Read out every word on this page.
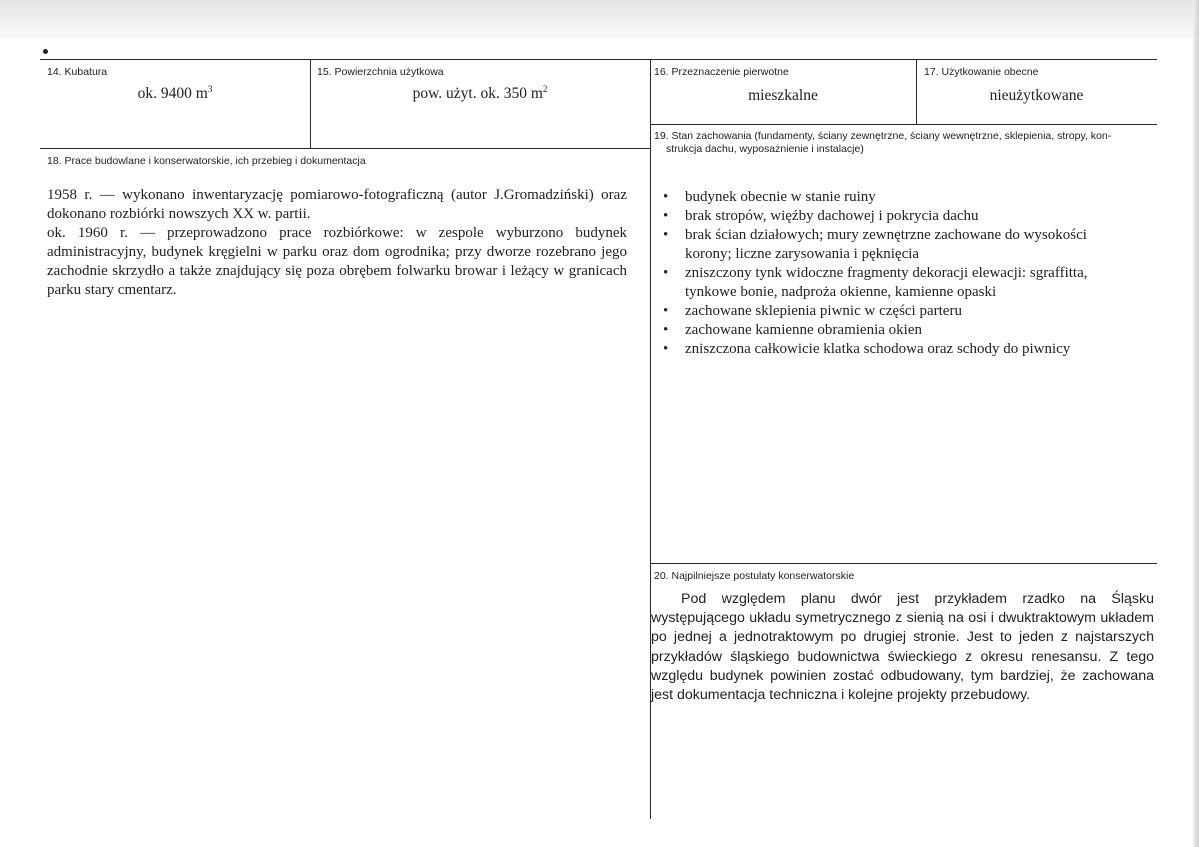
14. Kubatura
ok. 9400 $m^3$
15. Powierzchnia użytkowa
pow. użyt. ok. 350 $m^2$
16. Przeznaczenie pierwotne
mieszkalne
17. Użytkowanie obecne
nieużytkowane
18. Prace budowlane i konserwatorskie, ich przebieg i dokumentacja

1958 r. — wykonano inwentaryzację pomiarowo-fotograficzną (autor J.Gromadziński) oraz dokonano rozbiórki nowszych XX w. partii.

ok. 1960 r. — przeprowadzono prace rozbiórkowe: w zespole wyburzono budynek administracyjny, budynek kręgielni w parku oraz dom ogrodnika; przy dworze rozebrano jego zachodnie skrzydło a także znajdujący się poza obrębem folwarku browar i leżący w granicach parku stary cmentarz.

19. Stan zachowania (fundamenty, ściany zewnętrzne, ściany wewnętrzne, sklepienia, stropy, kon-
strukcja dachu, wyposażnienie i instalacje)
• budynek obecnie w stanie ruiny
• brak stropów, więźby dachowej i pokrycia dachu
• brak ścian działowych; mury zewnętrzne zachowane do wysokości korony; liczne zarysowania i pęknięcia
• zniszczony tynk widoczne fragmenty dekoracji elewacji: sgraffitta, tynkowe bonie, nadproża okienne, kamienne opaski
• zachowane sklepienia piwnic w części parteru
• zachowane kamienne obramienia okien
• zniszczona całkowicie klatka schodowa oraz schody do piwnicy
20. Najpilniejsze postulaty konserwatorskie

Pod względem planu dwór jest przykładem rzadko na Śląsku występującego układu symetrycznego z sienią na osi i dwuktraktowym układem po jednej a jednotraktowym po drugiej stronie. Jest to jeden z najstarszych przykładów śląskiego budownictwa świeckiego z okresu renesansu. Z tego względu budynek powinien zostać odbudowany, tym bardziej, że zachowana jest dokumentacja techniczna i kolejne projekty przebudowy.
